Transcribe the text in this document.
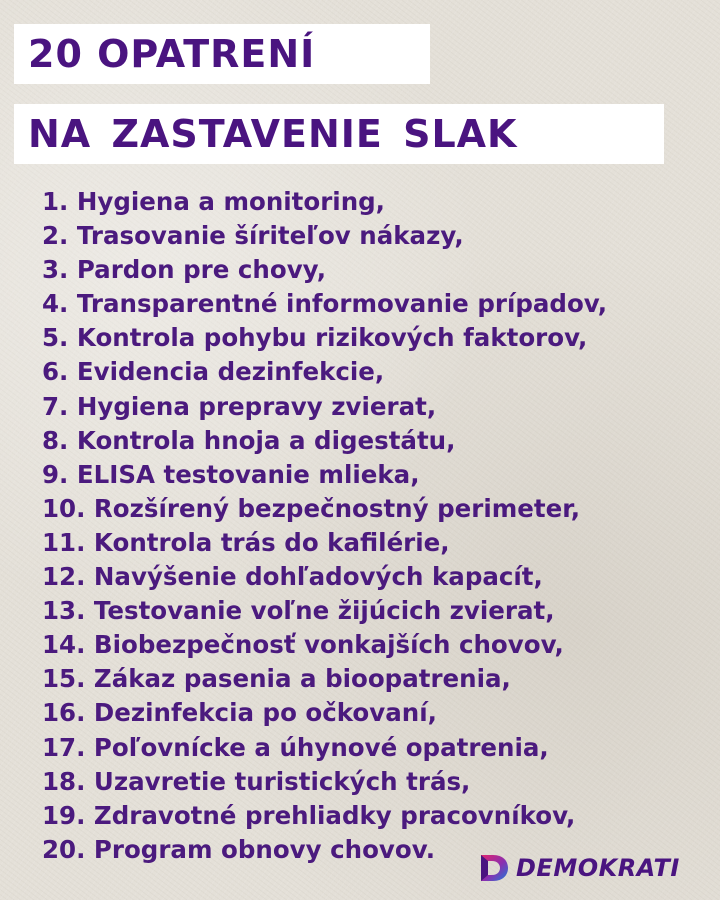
20 OPATRENÍ
NA ZASTAVENIE SLAK
1. Hygiena a monitoring,
2. Trasovanie šíriteľov nákazy,
3. Pardon pre chovy,
4. Transparentné informovanie prípadov,
5. Kontrola pohybu rizikových faktorov,
6. Evidencia dezinfekcie,
7. Hygiena prepravy zvierat,
8. Kontrola hnoja a digestátu,
9. ELISA testovanie mlieka,
10. Rozšírený bezpečnostný perimeter,
11. Kontrola trás do kafilérie,
12. Navýšenie dohľadových kapacít,
13. Testovanie voľne žijúcich zvierat,
14. Biobezpečnosť vonkajších chovov,
15. Zákaz pasenia a bioopatrenia,
16. Dezinfekcia po očkovaní,
17. Poľovnícke a úhynové opatrenia,
18. Uzavretie turistických trás,
19. Zdravotné prehliadky pracovníkov,
20. Program obnovy chovov.
DEMOKRATI
